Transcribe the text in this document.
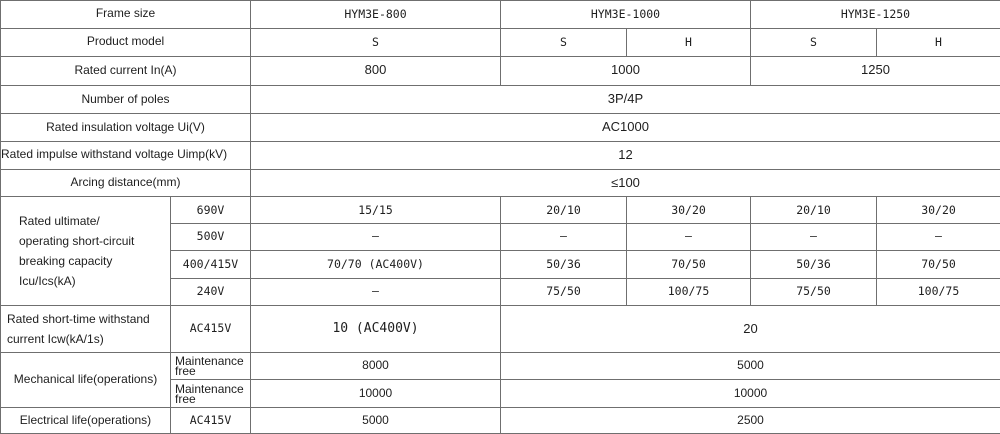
Frame size		HYM3E-800	HYM3E-1000		HYM3E-1250	
Product model		S	S	H	S	H
Rated current In(A)		800	1000		1250	
Number of poles		3P/4P				
Rated insulation voltage Ui(V)		AC1000				
Rated impulse withstand voltage Uimp(kV)		12				
Arcing distance(mm)		≤100				
Rated ultimate/
operating short-circuit
breaking capacity
Icu/Ics(kA)	690V	15/15	20/10	30/20	20/10	30/20
	500V	—	—	—	—	—
	400/415V	70/70 (AC400V)	50/36	70/50	50/36	70/50
	240V	—	75/50	100/75	75/50	100/75
Rated short-time withstand
current Icw(kA/1s)	AC415V	10 (AC400V)	20			
Mechanical life(operations)	Maintenance
free	8000	5000			
	Maintenance
free	10000	10000			
Electrical life(operations)	AC415V	5000	2500			
